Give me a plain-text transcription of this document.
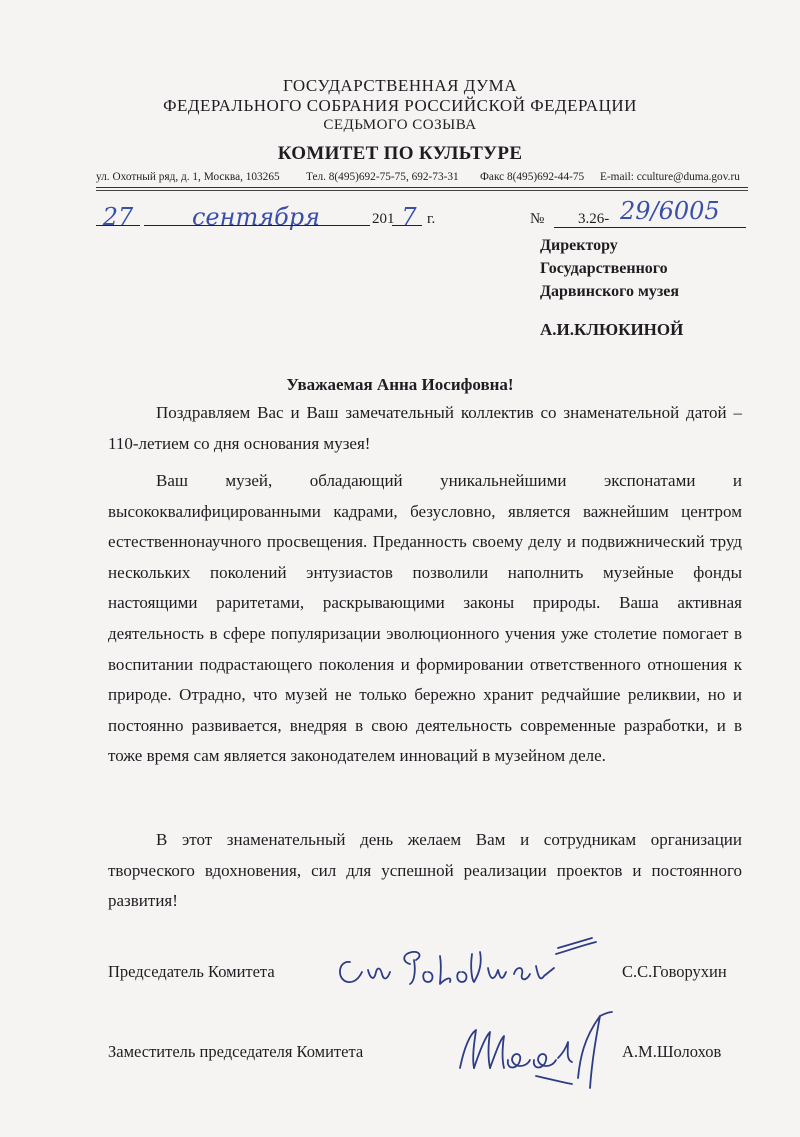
ГОСУДАРСТВЕННАЯ ДУМА
ФЕДЕРАЛЬНОГО СОБРАНИЯ РОССИЙСКОЙ ФЕДЕРАЦИИ
СЕДЬМОГО СОЗЫВА
КОМИТЕТ ПО КУЛЬТУРЕ
ул. Охотный ряд, д. 1, Москва, 103265 Тел. 8(495)692-75-75, 692-73-31 Факс 8(495)692-44-75 E-mail: cculture@duma.gov.ru
27	сентября	201 7 г.	№ 3.26- 29/6005
Директору
Государственного
Дарвинского музея
А.И.КЛЮКИНОЙ
Уважаемая Анна Иосифовна!

Поздравляем Вас и Ваш замечательный коллектив со знаменательной датой – 110-летием со дня основания музея!

Ваш музей, обладающий уникальнейшими экспонатами и высококвалифицированными кадрами, безусловно, является важнейшим центром естественнонаучного просвещения. Преданность своему делу и подвижнический труд нескольких поколений энтузиастов позволили наполнить музейные фонды настоящими раритетами, раскрывающими законы природы. Ваша активная деятельность в сфере популяризации эволюционного учения уже столетие помогает в воспитании подрастающего поколения и формировании ответственного отношения к природе. Отрадно, что музей не только бережно хранит редчайшие реликвии, но и постоянно развивается, внедряя в свою деятельность современные разработки, и в тоже время сам является законодателем инноваций в музейном деле.

В этот знаменательный день желаем Вам и сотрудникам организации творческого вдохновения, сил для успешной реализации проектов и постоянного развития!

Председатель Комитета	С.С.Говорухин
Заместитель председателя Комитета	А.М.Шолохов
